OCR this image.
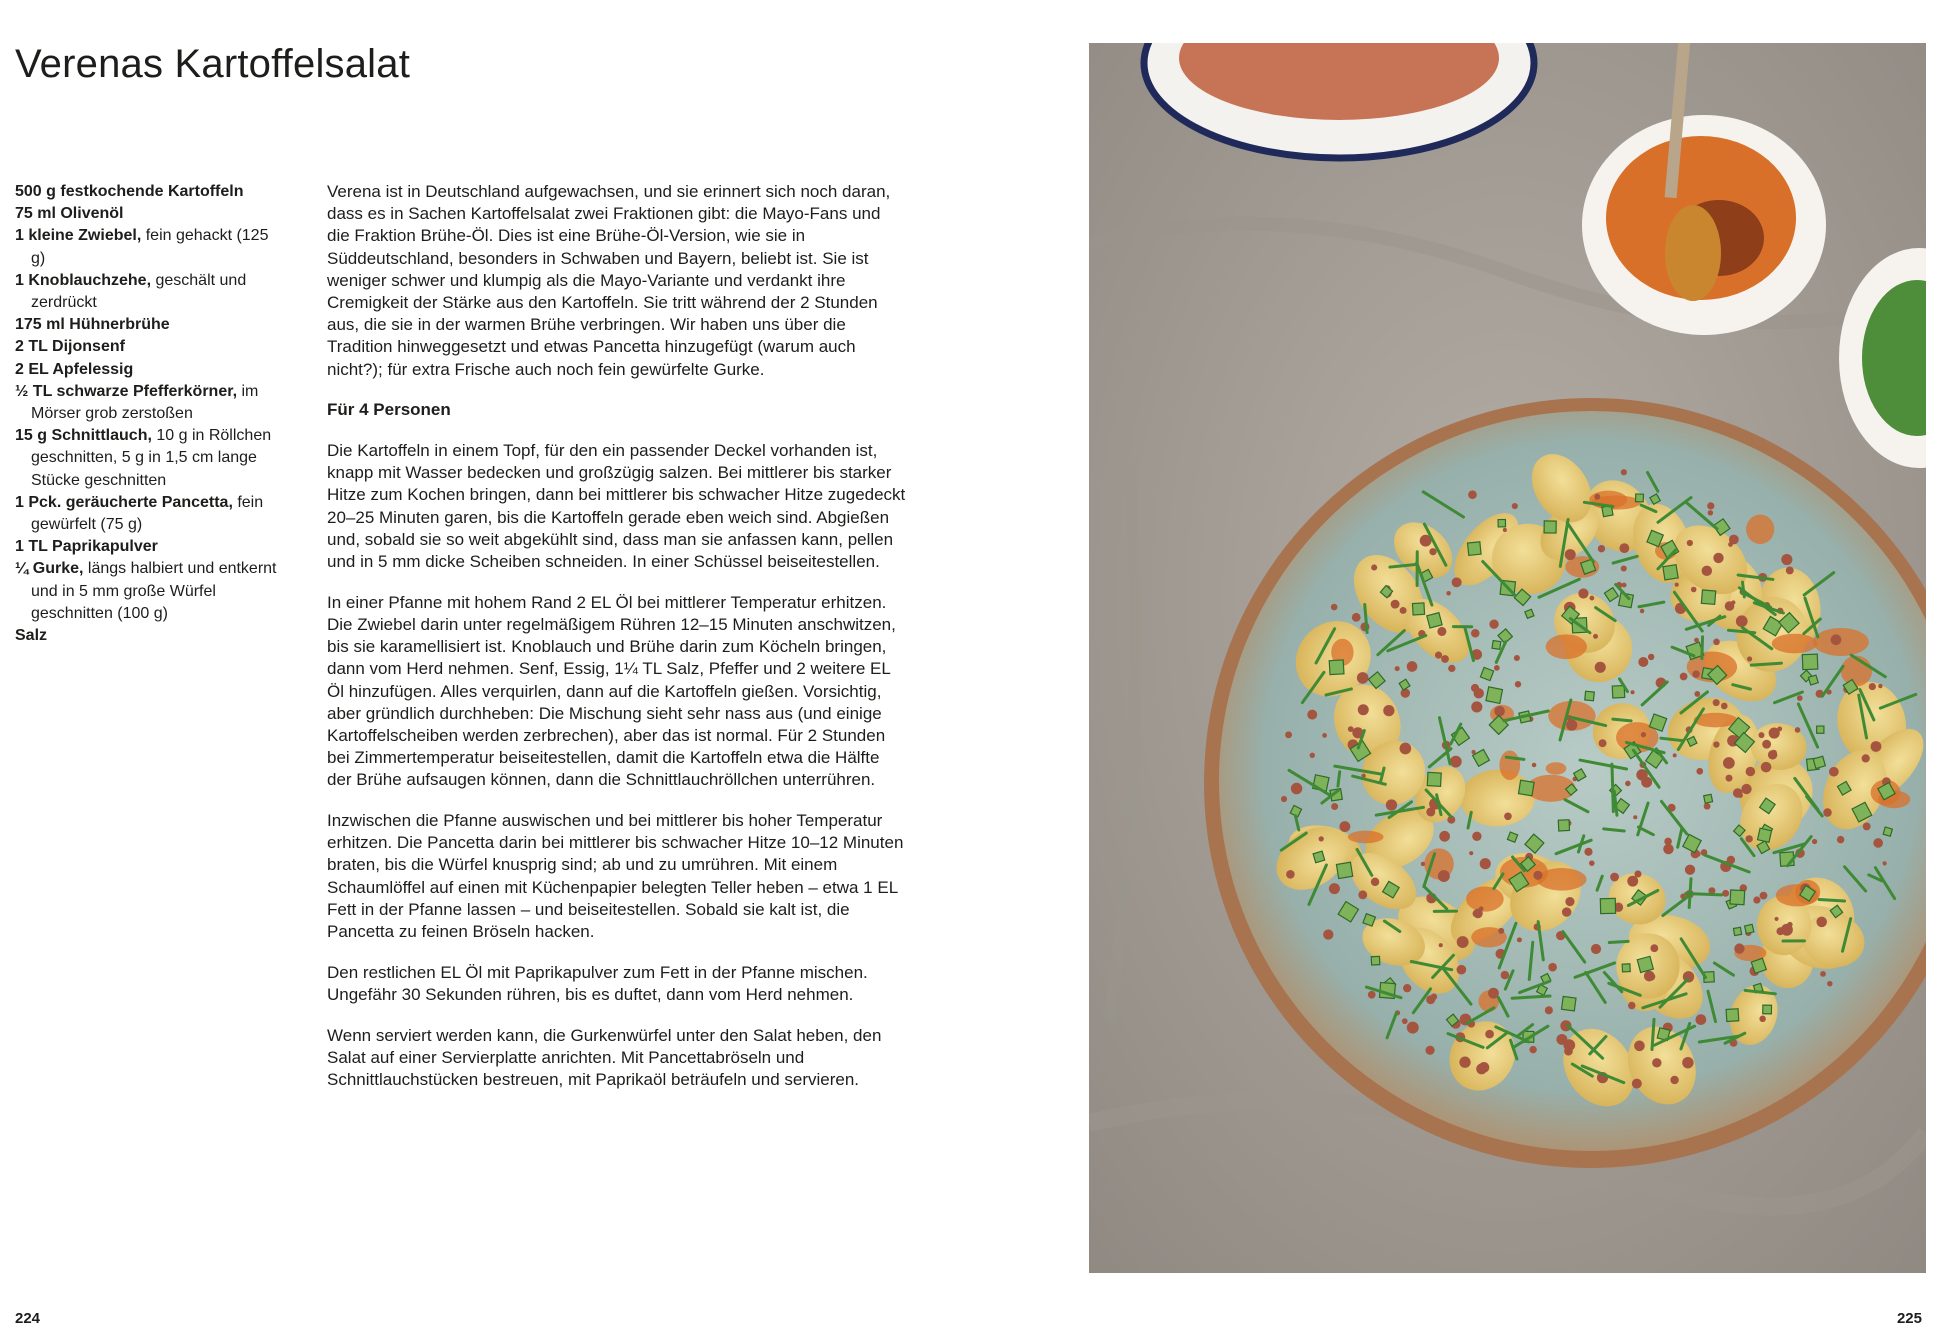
Verenas Kartoffelsalat
500 g festkochende Kartoffeln
75 ml Olivenöl
1 kleine Zwiebel, fein gehackt (125 g)
1 Knoblauchzehe, geschält und zerdrückt
175 ml Hühnerbrühe
2 TL Dijonsenf
2 EL Apfelessig
½ TL schwarze Pfefferkörner, im Mörser grob zerstoßen
15 g Schnittlauch, 10 g in Röllchen geschnitten, 5 g in 1,5 cm lange Stücke geschnitten
1 Pck. geräucherte Pancetta, fein gewürfelt (75 g)
1 TL Paprikapulver
¼ Gurke, längs halbiert und entkernt und in 5 mm große Würfel geschnitten (100 g)
Salz

Verena ist in Deutschland aufgewachsen, und sie erinnert sich noch daran, dass es in Sachen Kartoffelsalat zwei Fraktionen gibt: die Mayo-Fans und die Fraktion Brühe-Öl. Dies ist eine Brühe-Öl-Version, wie sie in Süddeutschland, besonders in Schwaben und Bayern, beliebt ist. Sie ist weniger schwer und klumpig als die Mayo-Variante und verdankt ihre Cremigkeit der Stärke aus den Kartoffeln. Sie tritt während der 2 Stunden aus, die sie in der warmen Brühe verbringen. Wir haben uns über die Tradition hinweggesetzt und etwas Pancetta hinzugefügt (warum auch nicht?); für extra Frische auch noch fein gewürfelte Gurke.

Für 4 Personen

Die Kartoffeln in einem Topf, für den ein passender Deckel vorhanden ist, knapp mit Wasser bedecken und großzügig salzen. Bei mittlerer bis starker Hitze zum Kochen bringen, dann bei mittlerer bis schwacher Hitze zugedeckt 20–25 Minuten garen, bis die Kartoffeln gerade eben weich sind. Abgießen und, sobald sie so weit abgekühlt sind, dass man sie anfassen kann, pellen und in 5 mm dicke Scheiben schneiden. In einer Schüssel beiseitestellen.

In einer Pfanne mit hohem Rand 2 EL Öl bei mittlerer Temperatur erhitzen. Die Zwiebel darin unter regelmäßigem Rühren 12–15 Minuten anschwitzen, bis sie karamellisiert ist. Knoblauch und Brühe darin zum Köcheln bringen, dann vom Herd nehmen. Senf, Essig, 1¼ TL Salz, Pfeffer und 2 weitere EL Öl hinzufügen. Alles verquirlen, dann auf die Kartoffeln gießen. Vorsichtig, aber gründlich durchheben: Die Mischung sieht sehr nass aus (und einige Kartoffelscheiben werden zerbrechen), aber das ist normal. Für 2 Stunden bei Zimmertemperatur beiseitestellen, damit die Kartoffeln etwa die Hälfte der Brühe aufsaugen können, dann die Schnittlauchröllchen unterrühren.

Inzwischen die Pfanne auswischen und bei mittlerer bis hoher Temperatur erhitzen. Die Pancetta darin bei mittlerer bis schwacher Hitze 10–12 Minuten braten, bis die Würfel knusprig sind; ab und zu umrühren. Mit einem Schaumlöffel auf einen mit Küchenpapier belegten Teller heben – etwa 1 EL Fett in der Pfanne lassen – und beiseitestellen. Sobald sie kalt ist, die Pancetta zu feinen Bröseln hacken.

Den restlichen EL Öl mit Paprikapulver zum Fett in der Pfanne mischen. Ungefähr 30 Sekunden rühren, bis es duftet, dann vom Herd nehmen.

Wenn serviert werden kann, die Gurkenwürfel unter den Salat heben, den Salat auf einer Servierplatte anrichten. Mit Pancettabröseln und Schnittlauchstücken bestreuen, mit Paprikaöl beträufeln und servieren.

224	225
